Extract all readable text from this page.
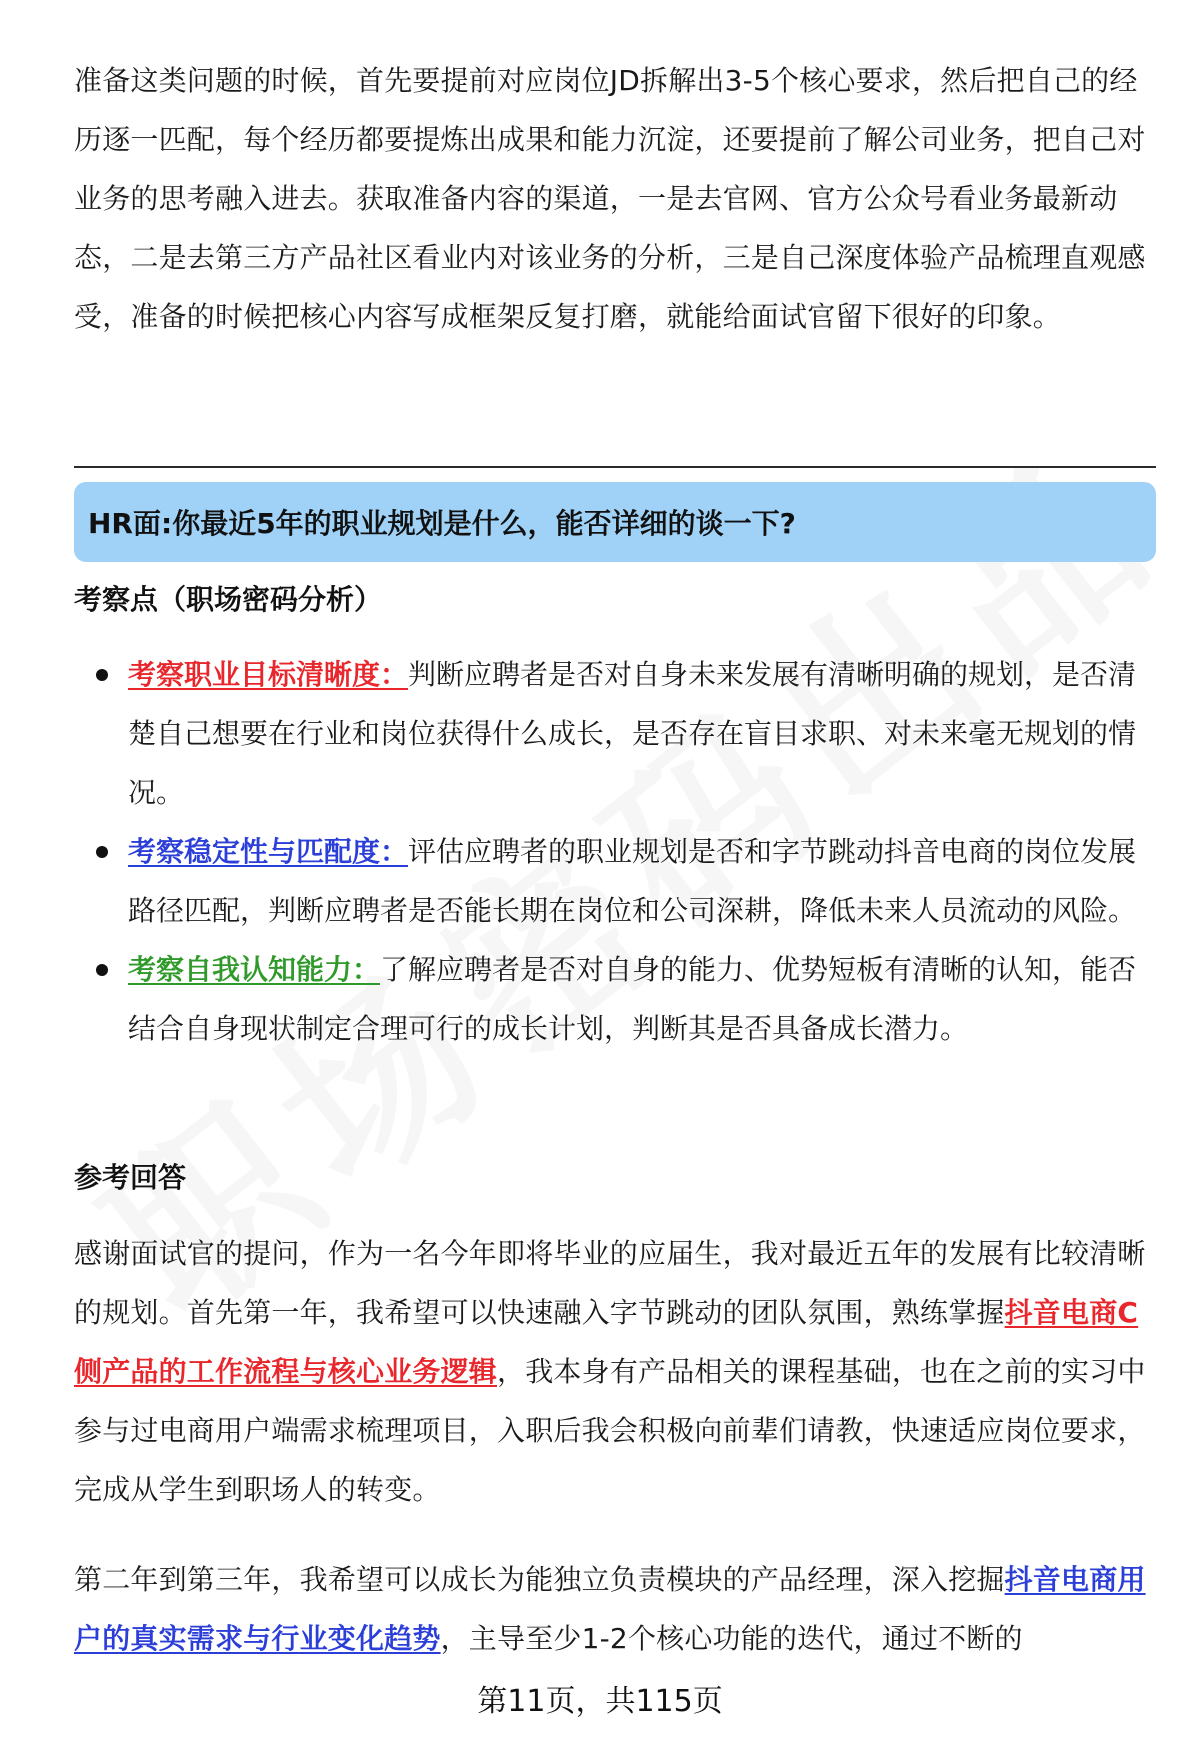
准备这类问题的时候，首先要提前对应岗位JD拆解出3-5个核心要求，然后把自己的经历逐一匹配，每个经历都要提炼出成果和能力沉淀，还要提前了解公司业务，把自己对业务的思考融入进去。获取准备内容的渠道，一是去官网、官方公众号看业务最新动态，二是去第三方产品社区看业内对该业务的分析，三是自己深度体验产品梳理直观感受，准备的时候把核心内容写成框架反复打磨，就能给面试官留下很好的印象。

HR面:你最近5年的职业规划是什么，能否详细的谈一下?
考察点（职场密码分析）
考察职业目标清晰度：判断应聘者是否对自身未来发展有清晰明确的规划，是否清楚自己想要在行业和岗位获得什么成长，是否存在盲目求职、对未来毫无规划的情况。
考察稳定性与匹配度：评估应聘者的职业规划是否和字节跳动抖音电商的岗位发展路径匹配，判断应聘者是否能长期在岗位和公司深耕，降低未来人员流动的风险。
考察自我认知能力：了解应聘者是否对自身的能力、优势短板有清晰的认知，能否结合自身现状制定合理可行的成长计划，判断其是否具备成长潜力。
参考回答

感谢面试官的提问，作为一名今年即将毕业的应届生，我对最近五年的发展有比较清晰的规划。首先第一年，我希望可以快速融入字节跳动的团队氛围，熟练掌握抖音电商C侧产品的工作流程与核心业务逻辑，我本身有产品相关的课程基础，也在之前的实习中参与过电商用户端需求梳理项目，入职后我会积极向前辈们请教，快速适应岗位要求，完成从学生到职场人的转变。

第二年到第三年，我希望可以成长为能独立负责模块的产品经理，深入挖掘抖音电商用户的真实需求与行业变化趋势，主导至少1-2个核心功能的迭代，通过不断的

第11页，共115页
